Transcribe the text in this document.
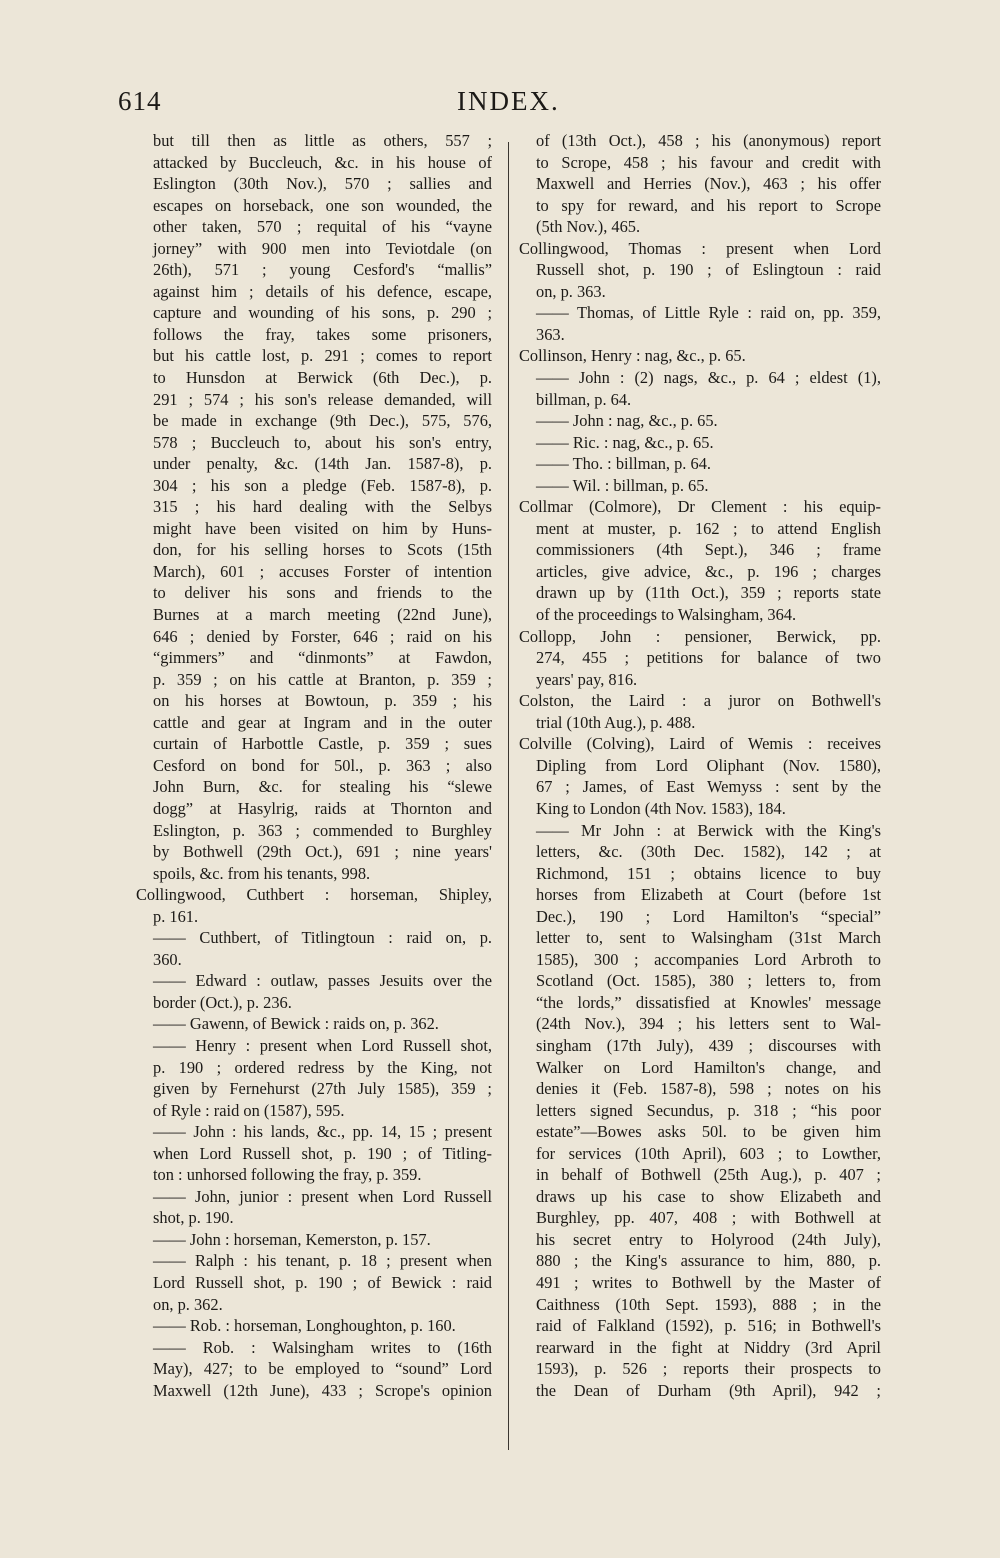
614	INDEX.
but till then as little as others, 557 ;
attacked by Buccleuch, &c. in his house of
Eslington (30th Nov.), 570 ; sallies and
escapes on horseback, one son wounded, the
other taken, 570 ; requital of his “vayne
jorney” with 900 men into Teviotdale (on
26th), 571 ; young Cesford's “mallis”
against him ; details of his defence, escape,
capture and wounding of his sons, p. 290 ;
follows the fray, takes some prisoners,
but his cattle lost, p. 291 ; comes to report
to Hunsdon at Berwick (6th Dec.), p.
291 ; 574 ; his son's release demanded, will
be made in exchange (9th Dec.), 575, 576,
578 ; Buccleuch to, about his son's entry,
under penalty, &c. (14th Jan. 1587-8), p.
304 ; his son a pledge (Feb. 1587-8), p.
315 ; his hard dealing with the Selbys
might have been visited on him by Huns-
don, for his selling horses to Scots (15th
March), 601 ; accuses Forster of intention
to deliver his sons and friends to the
Burnes at a march meeting (22nd June),
646 ; denied by Forster, 646 ; raid on his
“gimmers” and “dinmonts” at Fawdon,
p. 359 ; on his cattle at Branton, p. 359 ;
on his horses at Bowtoun, p. 359 ; his
cattle and gear at Ingram and in the outer
curtain of Harbottle Castle, p. 359 ; sues
Cesford on bond for 50l., p. 363 ; also
John Burn, &c. for stealing his “slewe
dogg” at Hasylrig, raids at Thornton and
Eslington, p. 363 ; commended to Burghley
by Bothwell (29th Oct.), 691 ; nine years'
spoils, &c. from his tenants, 998.
Collingwood, Cuthbert : horseman, Shipley,
p. 161.
—— Cuthbert, of Titlingtoun : raid on, p.
360.
—— Edward : outlaw, passes Jesuits over the
border (Oct.), p. 236.
—— Gawenn, of Bewick : raids on, p. 362.
—— Henry : present when Lord Russell shot,
p. 190 ; ordered redress by the King, not
given by Fernehurst (27th July 1585), 359 ;
of Ryle : raid on (1587), 595.
—— John : his lands, &c., pp. 14, 15 ; present
when Lord Russell shot, p. 190 ; of Titling-
ton : unhorsed following the fray, p. 359.
—— John, junior : present when Lord Russell
shot, p. 190.
—— John : horseman, Kemerston, p. 157.
—— Ralph : his tenant, p. 18 ; present when
Lord Russell shot, p. 190 ; of Bewick : raid
on, p. 362.
—— Rob. : horseman, Longhoughton, p. 160.
—— Rob. : Walsingham writes to (16th
May), 427; to be employed to “sound” Lord
Maxwell (12th June), 433 ; Scrope's opinion
of (13th Oct.), 458 ; his (anonymous) report
to Scrope, 458 ; his favour and credit with
Maxwell and Herries (Nov.), 463 ; his offer
to spy for reward, and his report to Scrope
(5th Nov.), 465.
Collingwood, Thomas : present when Lord
Russell shot, p. 190 ; of Eslingtoun : raid
on, p. 363.
—— Thomas, of Little Ryle : raid on, pp. 359,
363.
Collinson, Henry : nag, &c., p. 65.
—— John : (2) nags, &c., p. 64 ; eldest (1),
billman, p. 64.
—— John : nag, &c., p. 65.
—— Ric. : nag, &c., p. 65.
—— Tho. : billman, p. 64.
—— Wil. : billman, p. 65.
Collmar (Colmore), Dr Clement : his equip-
ment at muster, p. 162 ; to attend English
commissioners (4th Sept.), 346 ; frame
articles, give advice, &c., p. 196 ; charges
drawn up by (11th Oct.), 359 ; reports state
of the proceedings to Walsingham, 364.
Collopp, John : pensioner, Berwick, pp.
274, 455 ; petitions for balance of two
years' pay, 816.
Colston, the Laird : a juror on Bothwell's
trial (10th Aug.), p. 488.
Colville (Colving), Laird of Wemis : receives
Dipling from Lord Oliphant (Nov. 1580),
67 ; James, of East Wemyss : sent by the
King to London (4th Nov. 1583), 184.
—— Mr John : at Berwick with the King's
letters, &c. (30th Dec. 1582), 142 ; at
Richmond, 151 ; obtains licence to buy
horses from Elizabeth at Court (before 1st
Dec.), 190 ; Lord Hamilton's “special”
letter to, sent to Walsingham (31st March
1585), 300 ; accompanies Lord Arbroth to
Scotland (Oct. 1585), 380 ; letters to, from
“the lords,” dissatisfied at Knowles' message
(24th Nov.), 394 ; his letters sent to Wal-
singham (17th July), 439 ; discourses with
Walker on Lord Hamilton's change, and
denies it (Feb. 1587-8), 598 ; notes on his
letters signed Secundus, p. 318 ; “his poor
estate”—Bowes asks 50l. to be given him
for services (10th April), 603 ; to Lowther,
in behalf of Bothwell (25th Aug.), p. 407 ;
draws up his case to show Elizabeth and
Burghley, pp. 407, 408 ; with Bothwell at
his secret entry to Holyrood (24th July),
880 ; the King's assurance to him, 880, p.
491 ; writes to Bothwell by the Master of
Caithness (10th Sept. 1593), 888 ; in the
raid of Falkland (1592), p. 516; in Bothwell's
rearward in the fight at Niddry (3rd April
1593), p. 526 ; reports their prospects to
the Dean of Durham (9th April), 942 ;
